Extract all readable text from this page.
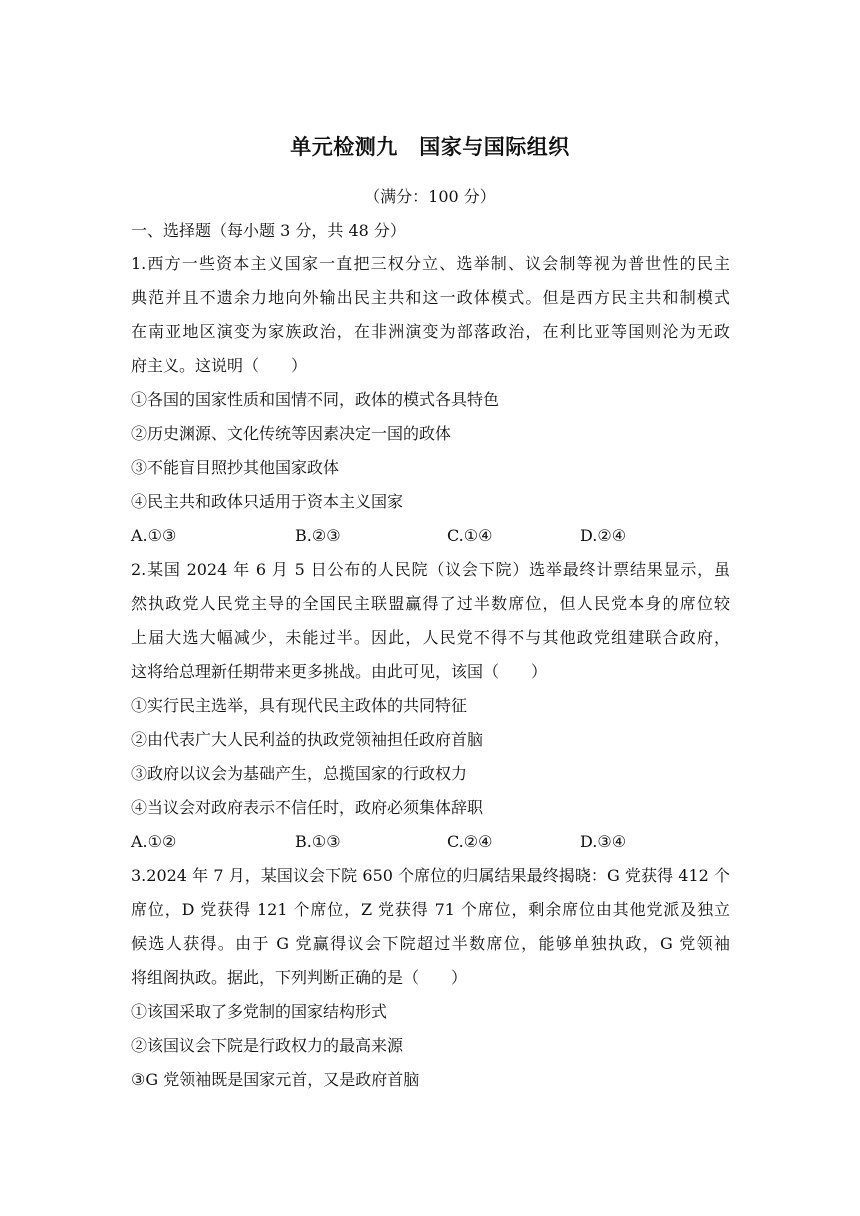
单元检测九　国家与国际组织
（满分：100 分）
一、选择题（每小题 3 分，共 48 分）
1.西方一些资本主义国家一直把三权分立、选举制、议会制等视为普世性的民主
典范并且不遗余力地向外输出民主共和这一政体模式。但是西方民主共和制模式
在南亚地区演变为家族政治，在非洲演变为部落政治，在利比亚等国则沦为无政
府主义。这说明（　　）
①各国的国家性质和国情不同，政体的模式各具特色
②历史渊源、文化传统等因素决定一国的政体
③不能盲目照抄其他国家政体
④民主共和政体只适用于资本主义国家
A.①③	B.②③	C.①④	D.②④
2.某国 2024 年 6 月 5 日公布的人民院（议会下院）选举最终计票结果显示，虽
然执政党人民党主导的全国民主联盟赢得了过半数席位，但人民党本身的席位较
上届大选大幅减少，未能过半。因此，人民党不得不与其他政党组建联合政府，
这将给总理新任期带来更多挑战。由此可见，该国（　　）
①实行民主选举，具有现代民主政体的共同特征
②由代表广大人民利益的执政党领袖担任政府首脑
③政府以议会为基础产生，总揽国家的行政权力
④当议会对政府表示不信任时，政府必须集体辞职
A.①②	B.①③	C.②④	D.③④
3.2024 年 7 月，某国议会下院 650 个席位的归属结果最终揭晓：G 党获得 412 个
席位，D 党获得 121 个席位，Z 党获得 71 个席位，剩余席位由其他党派及独立
候选人获得。由于 G 党赢得议会下院超过半数席位，能够单独执政，G 党领袖
将组阁执政。据此，下列判断正确的是（　　）
①该国采取了多党制的国家结构形式
②该国议会下院是行政权力的最高来源
③G 党领袖既是国家元首，又是政府首脑
